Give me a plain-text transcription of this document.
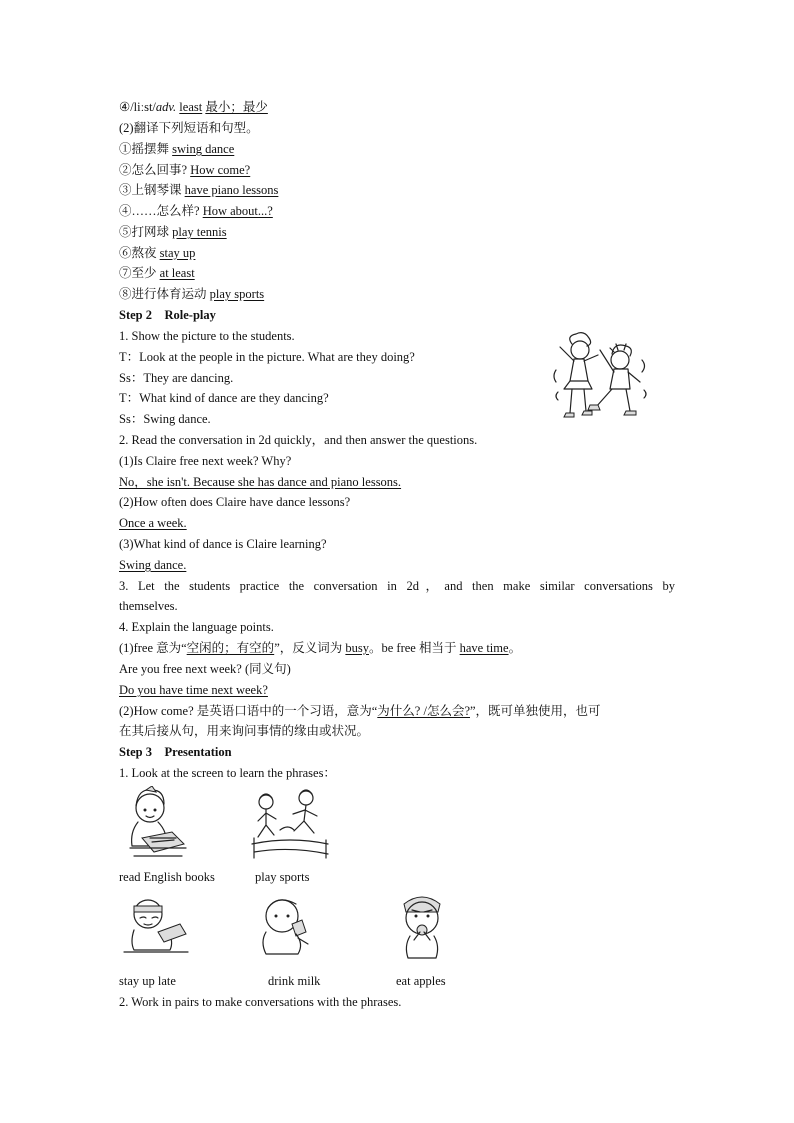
④/liːst/adv. least 最小；最少
(2)翻译下列短语和句型。
①摇摆舞 swing dance
②怎么回事? How come?
③上钢琴课 have piano lessons
④……怎么样? How about...?
⑤打网球 play tennis
⑥熬夜 stay up
⑦至少 at least
⑧进行体育运动 play sports
Step 2　Role-play
1. Show the picture to the students.
T：Look at the people in the picture. What are they doing?
Ss：They are dancing.
T：What kind of dance are they dancing?
Ss：Swing dance.
2. Read the conversation in 2d quickly，and then answer the questions.
(1)Is Claire free next week? Why?
No，she isn't. Because she has dance and piano lessons.
(2)How often does Claire have dance lessons?
Once a week.
(3)What kind of dance is Claire learning?
Swing dance.
3. Let the students practice the conversation in 2d，and then make similar conversations by
themselves.
4. Explain the language points.
(1)free 意为“空闲的；有空的”，反义词为 busy。be free 相当于 have time。
Are you free next week? (同义句)
Do you have time next week?
(2)How come? 是英语口语中的一个习语，意为“为什么? /怎么会?”，既可单独使用，也可
在其后接从句，用来询问事情的缘由或状况。
Step 3　Presentation
1. Look at the screen to learn the phrases：
read English books	play sports
stay up late	drink milk	eat apples
2. Work in pairs to make conversations with the phrases.
